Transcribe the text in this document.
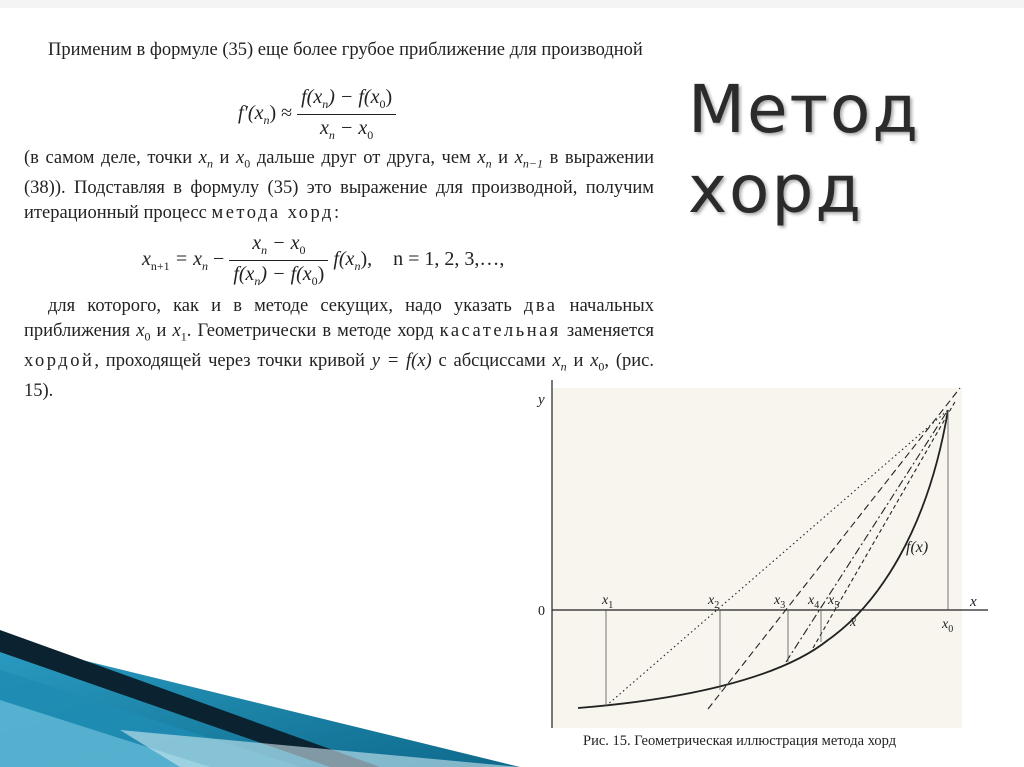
Метод
хорд

Применим в формуле (35) еще более грубое приближение для производной

$f'(x_n) \approx \frac{f(x_n) - f(x_0)}{x_n - x_0}$

(в самом деле, точки $x_n$ и $x_0$ дальше друг от друга, чем $x_n$ и $x_{n-1}$ в выражении (38)). Подставляя в формулу (35) это выражение для производной, получим итерационный процесс метода хорд:

$x_{n+1} = x_n - \frac{x_n - x_0}{f(x_n) - f(x_0)} f(x_n)$, n = 1, 2, 3,…,

для которого, как и в методе секущих, надо указать два начальных приближения $x_0$ и $x_1$. Геометрически в методе хорд касательная заменяется хордой, проходящей через точки кривой y = f(x) с абсциссами $x_n$ и $x_0$, (рис. 15).	y
x
0
f(x)
$x_1$	$x_2$	$x_3$ $x_4$ $x_5$
x̄	$x_0$
Рис. 15. Геометрическая иллюстрация метода хорд
